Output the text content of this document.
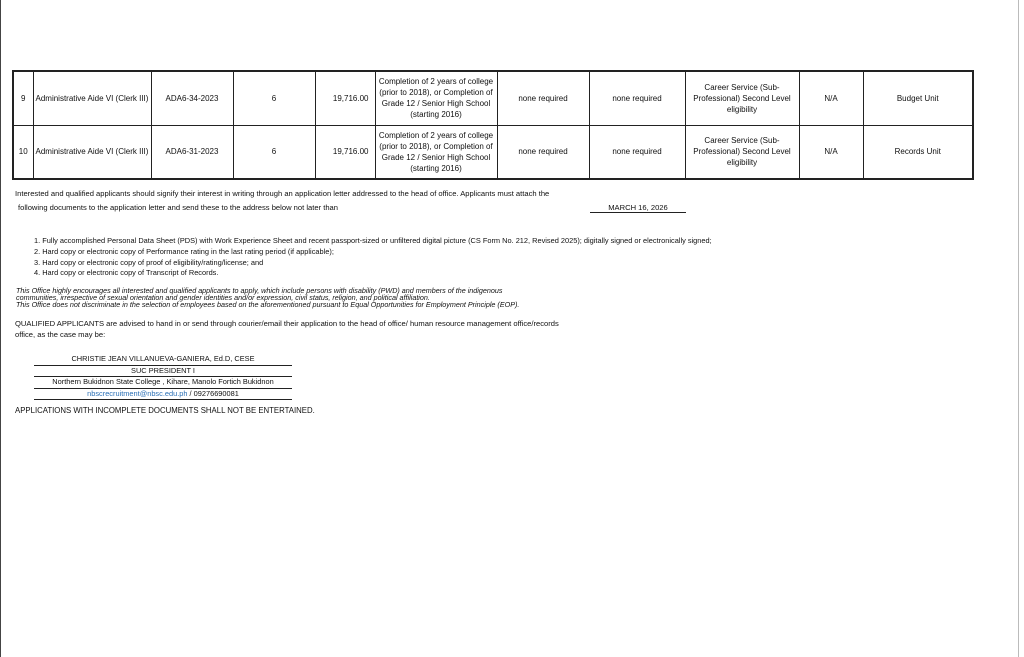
9	Administrative Aide VI (Clerk III)	ADA6-34-2023	6	19,716.00	Completion of 2 years of college (prior to 2018), or Completion of Grade 12 / Senior High School (starting 2016)	none required	none required	Career Service (Sub-Professional) Second Level eligibility	N/A	Budget Unit
10	Administrative Aide VI (Clerk III)	ADA6-31-2023	6	19,716.00	Completion of 2 years of college (prior to 2018), or Completion of Grade 12 / Senior High School (starting 2016)	none required	none required	Career Service (Sub-Professional) Second Level eligibility	N/A	Records Unit
Interested and qualified applicants should signify their interest in writing through an application letter addressed to the head of office. Applicants must attach the
following documents to the application letter and send these to the address below not later than	MARCH 16, 2026
1. Fully accomplished Personal Data Sheet (PDS) with Work Experience Sheet and recent passport-sized or unfiltered digital picture (CS Form No. 212, Revised 2025); digitally signed or electronically signed;
2. Hard copy or electronic copy of Performance rating in the last rating period (if applicable);
3. Hard copy or electronic copy of proof of eligibility/rating/license; and
4. Hard copy or electronic copy of Transcript of Records.
This Office highly encourages all interested and qualified applicants to apply, which include persons with disability (PWD) and members of the indigenous
communities, irrespective of sexual orientation and gender identities and/or expression, civil status, religion, and political affiliation.
This Office does not discriminate in the selection of employees based on the aforementioned pursuant to Equal Opportunities for Employment Principle (EOP).
QUALIFIED APPLICANTS are advised to hand in or send through courier/email their application to the head of office/ human resource management office/records
office, as the case may be:
CHRISTIE JEAN VILLANUEVA-GANIERA, Ed.D, CESE
SUC PRESIDENT I
Northern Bukidnon State College , Kihare, Manolo Fortich Bukidnon
nbscrecruitment@nbsc.edu.ph / 09276690081
APPLICATIONS WITH INCOMPLETE DOCUMENTS SHALL NOT BE ENTERTAINED.
